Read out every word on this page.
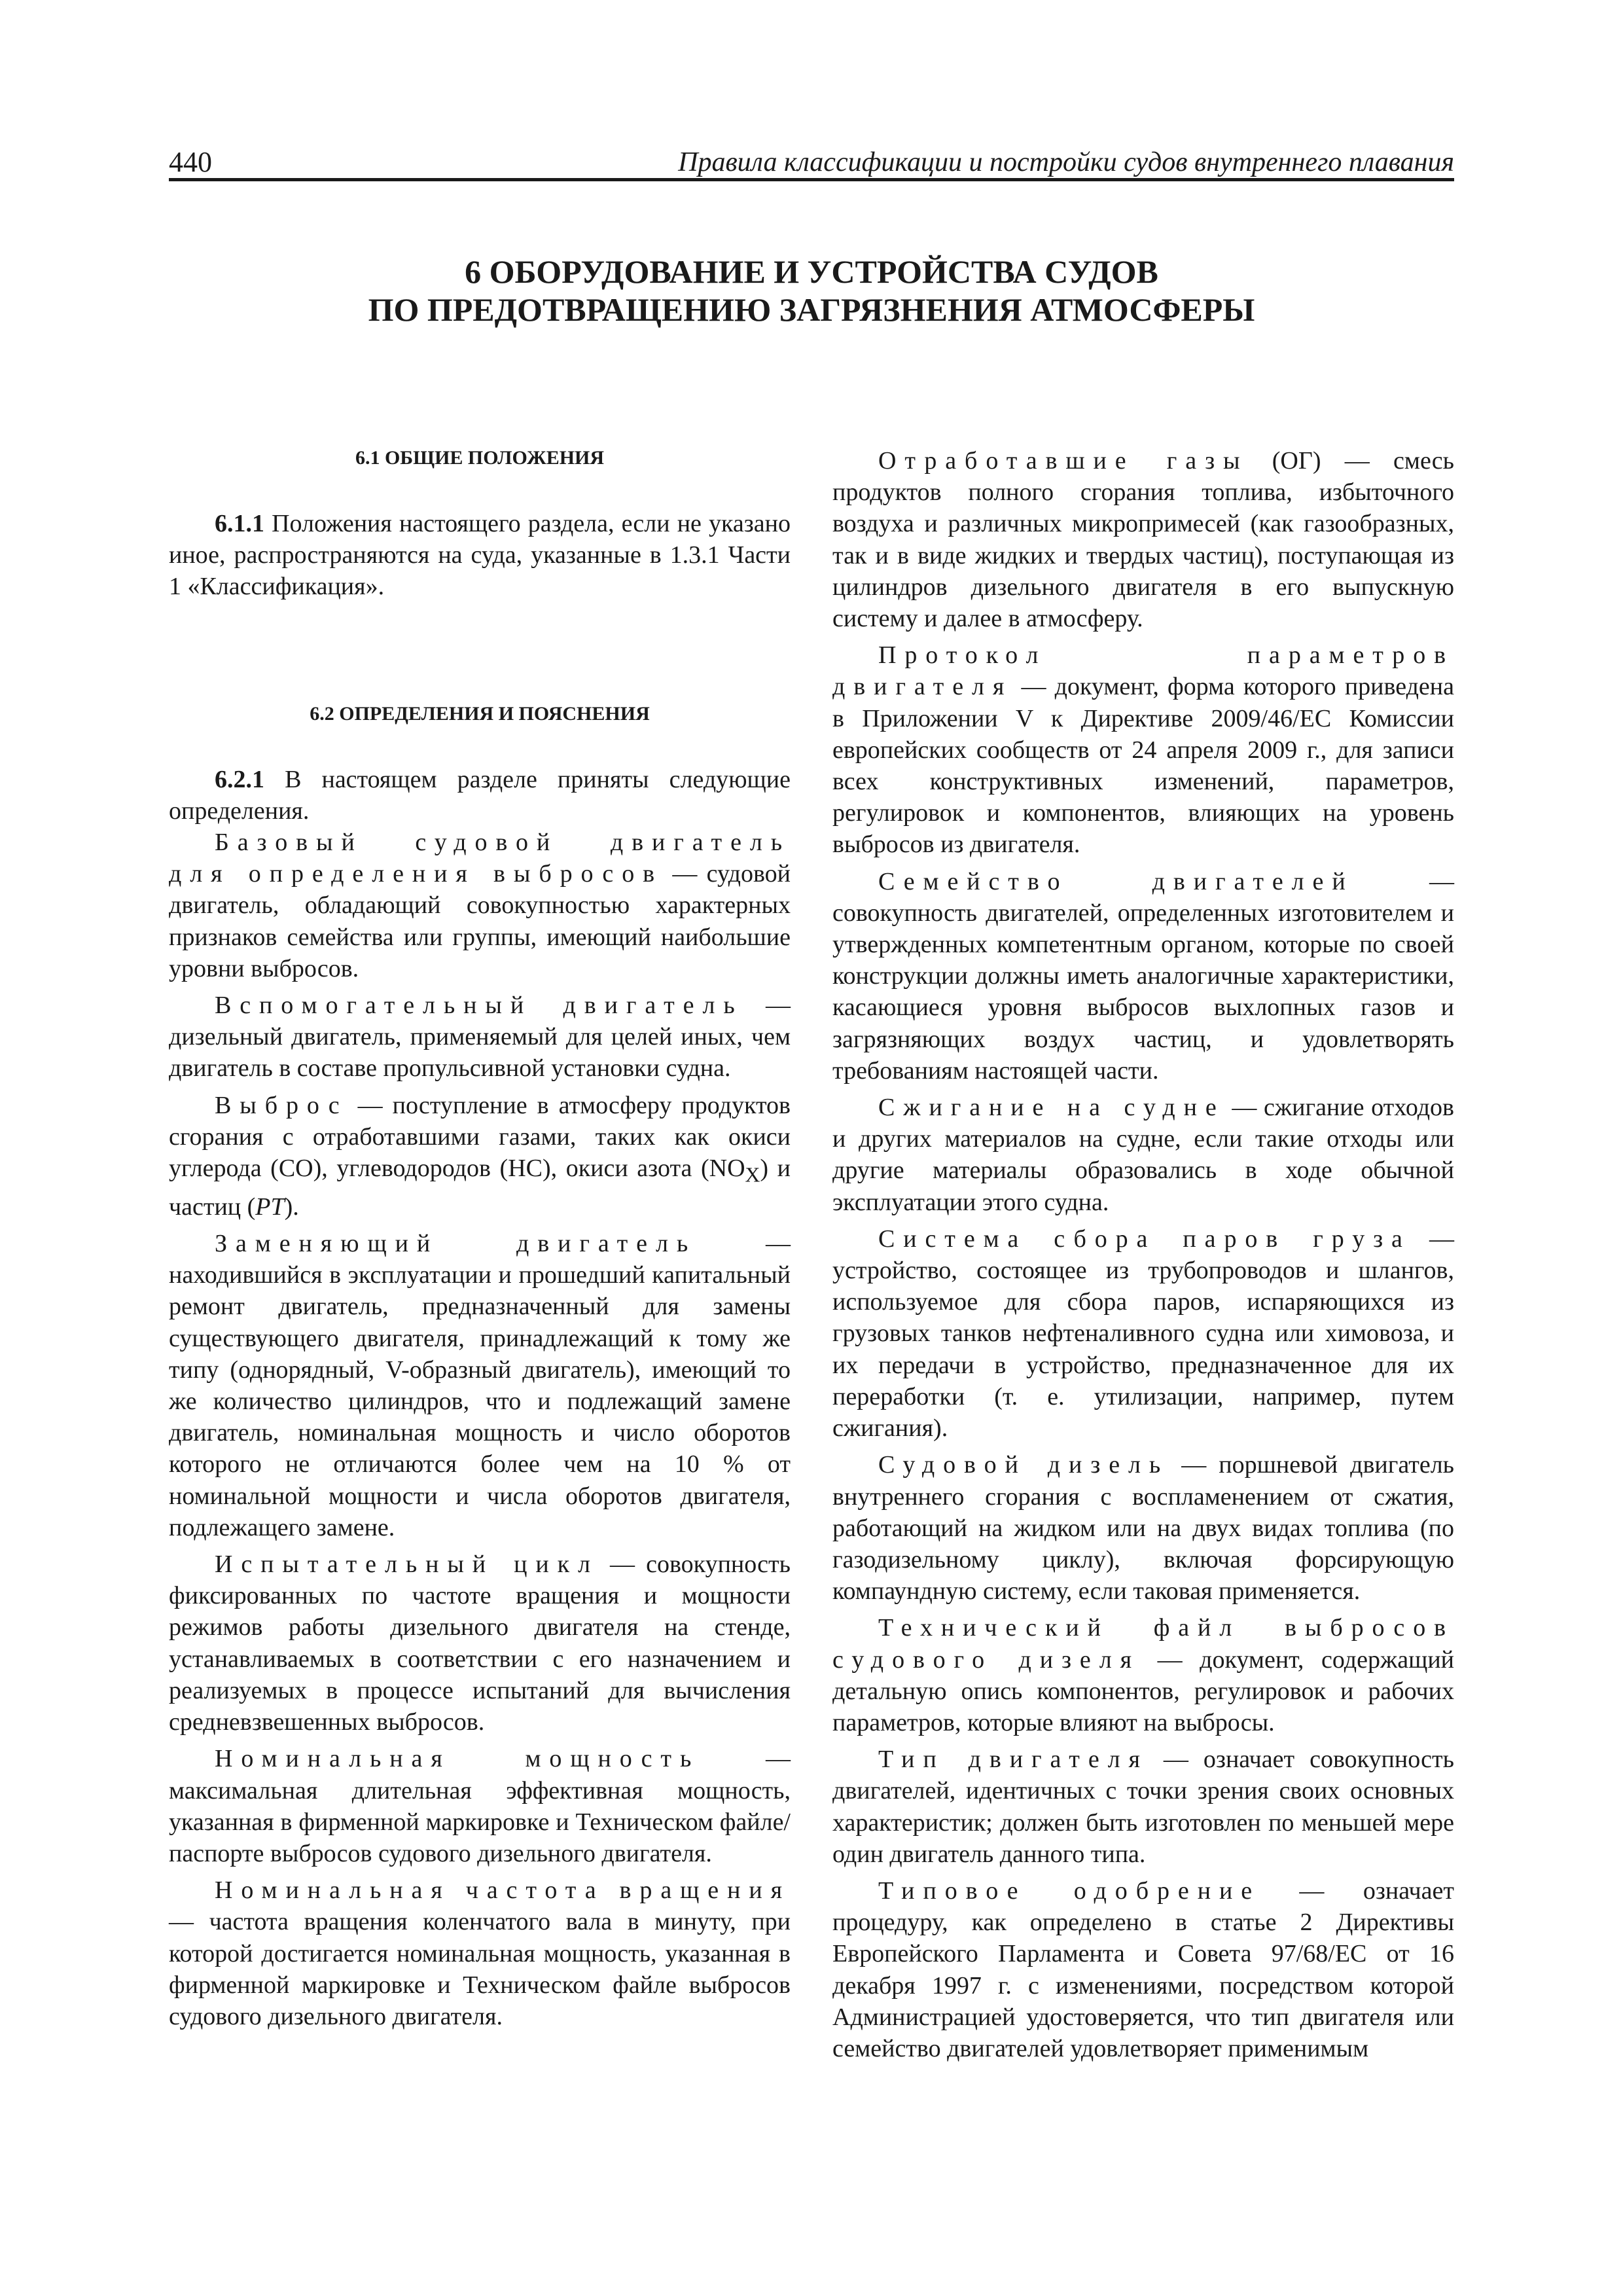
440	Правила классификации и постройки судов внутреннего плавания
6 ОБОРУДОВАНИЕ И УСТРОЙСТВА СУДОВ
ПО ПРЕДОТВРАЩЕНИЮ ЗАГРЯЗНЕНИЯ АТМОСФЕРЫ
6.1 ОБЩИЕ ПОЛОЖЕНИЯ

6.1.1 Положения настоящего раздела, если не указано иное, распространяются на суда, указанные в 1.3.1 Части 1 «Классификация».

6.2 ОПРЕДЕЛЕНИЯ И ПОЯСНЕНИЯ

6.2.1 В настоящем разделе приняты следующие определения.

Базовый судовой двигатель для определения выбросов — судовой двигатель, обладающий совокупностью характерных признаков семейства или группы, имеющий наибольшие уровни выбросов.

Вспомогательный двигатель — дизельный двигатель, применяемый для целей иных, чем двигатель в составе пропульсивной установки судна.

Выброс — поступление в атмосферу продуктов сгорания с отработавшими газами, таких как окиси углерода (CO), углеводородов (HC), окиси азота $(NO_X)$ и частиц (PT).

Заменяющий двигатель — находившийся в эксплуатации и прошедший капитальный ремонт двигатель, предназначенный для замены существующего двигателя, принадлежащий к тому же типу (однорядный, V-образный двигатель), имеющий то же количество цилиндров, что и подлежащий замене двигатель, номинальная мощность и число оборотов которого не отличаются более чем на 10 % от номинальной мощности и числа оборотов двигателя, подлежащего замене.

Испытательный цикл — совокупность фиксированных по частоте вращения и мощности режимов работы дизельного двигателя на стенде, устанавливаемых в соответствии с его назначением и реализуемых в процессе испытаний для вычисления средневзвешенных выбросов.

Номинальная мощность — максимальная длительная эффективная мощность, указанная в фирменной маркировке и Техническом файле/паспорте выбросов судового дизельного двигателя.

Номинальная частота вращения — частота вращения коленчатого вала в минуту, при которой достигается номинальная мощность, указанная в фирменной маркировке и Техническом файле выбросов судового дизельного двигателя.

Отработавшие газы (ОГ) — смесь продуктов полного сгорания топлива, избыточного воздуха и различных микропримесей (как газообразных, так и в виде жидких и твердых частиц), поступающая из цилиндров дизельного двигателя в его выпускную систему и далее в атмосферу.

Протокол параметров двигателя — документ, форма которого приведена в Приложении V к Директиве 2009/46/ЕС Комиссии европейских сообществ от 24 апреля 2009 г., для записи всех конструктивных изменений, параметров, регулировок и компонентов, влияющих на уровень выбросов из двигателя.

Семейство двигателей — совокупность двигателей, определенных изготовителем и утвержденных компетентным органом, которые по своей конструкции должны иметь аналогичные характеристики, касающиеся уровня выбросов выхлопных газов и загрязняющих воздух частиц, и удовлетворять требованиям настоящей части.

Сжигание на судне — сжигание отходов и других материалов на судне, если такие отходы или другие материалы образовались в ходе обычной эксплуатации этого судна.

Система сбора паров груза — устройство, состоящее из трубопроводов и шлангов, используемое для сбора паров, испаряющихся из грузовых танков нефтеналивного судна или химовоза, и их передачи в устройство, предназначенное для их переработки (т. е. утилизации, например, путем сжигания).

Судовой дизель — поршневой двигатель внутреннего сгорания с воспламенением от сжатия, работающий на жидком или на двух видах топлива (по газодизельному циклу), включая форсирующую компаундную систему, если таковая применяется.

Технический файл выбросов судового дизеля — документ, содержащий детальную опись компонентов, регулировок и рабочих параметров, которые влияют на выбросы.

Тип двигателя — означает совокупность двигателей, идентичных с точки зрения своих основных характеристик; должен быть изготовлен по меньшей мере один двигатель данного типа.

Типовое одобрение — означает процедуру, как определено в статье 2 Директивы Европейского Парламента и Совета 97/68/ЕС от 16 декабря 1997 г. с изменениями, посредством которой Администрацией удостоверяется, что тип двигателя или семейство двигателей удовлетворяет применимым
